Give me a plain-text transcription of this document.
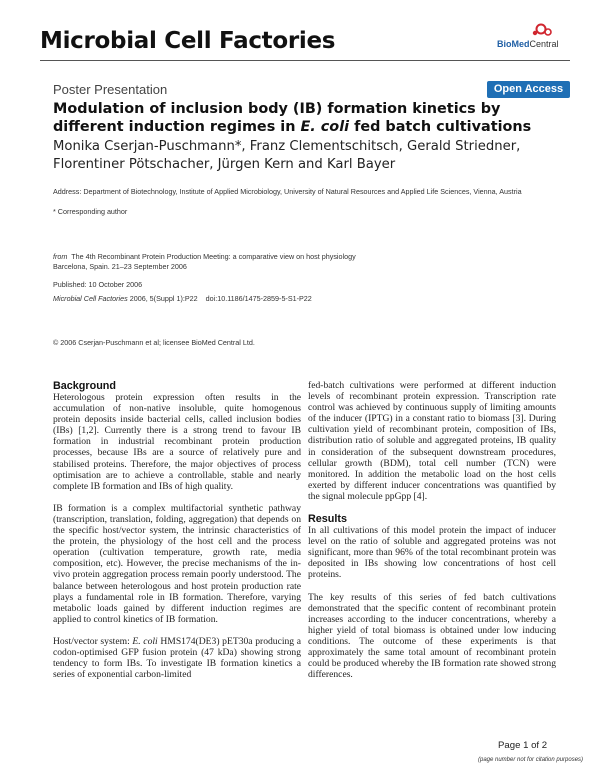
Microbial Cell Factories	BioMedCentral
Poster Presentation	Open Access
Modulation of inclusion body (IB) formation kinetics by different induction regimes in E. coli fed batch cultivations
Monika Cserjan-Puschmann*, Franz Clementschitsch, Gerald Striedner, Florentiner Pötschacher, Jürgen Kern and Karl Bayer
Address: Department of Biotechnology, Institute of Applied Microbiology, University of Natural Resources and Applied Life Sciences, Vienna, Austria
* Corresponding author
from The 4th Recombinant Protein Production Meeting: a comparative view on host physiology
Barcelona, Spain. 21–23 September 2006
Published: 10 October 2006
Microbial Cell Factories 2006, 5(Suppl 1):P22 doi:10.1186/1475-2859-5-S1-P22
© 2006 Cserjan-Puschmann et al; licensee BioMed Central Ltd.
Background

Heterologous protein expression often results in the accumulation of non-native insoluble, quite homogenous protein deposits inside bacterial cells, called inclusion bodies (IBs) [1,2]. Currently there is a strong trend to favour IB formation in industrial recombinant protein production processes, because IBs are a source of relatively pure and stabilised proteins. Therefore, the major objectives of process optimisation are to achieve a controllable, stable and nearly complete IB formation and IBs of high quality.

IB formation is a complex multifactorial synthetic pathway (transcription, translation, folding, aggregation) that depends on the specific host/vector system, the intrinsic characteristics of the protein, the physiology of the host cell and the process operation (cultivation temperature, growth rate, media composition, etc). However, the precise mechanisms of the in-vivo protein aggregation process remain poorly understood. The balance between heterologous and host protein production rate plays a fundamental role in IB formation. Therefore, varying metabolic loads gained by different induction regimes are applied to control kinetics of IB formation.

Host/vector system: E. coli HMS174(DE3) pET30a producing a codon-optimised GFP fusion protein (47 kDa) showing strong tendency to form IBs. To investigate IB formation kinetics a series of exponential carbon-limited

fed-batch cultivations were performed at different induction levels of recombinant protein expression. Transcription rate control was achieved by continuous supply of limiting amounts of the inducer (IPTG) in a constant ratio to biomass [3]. During cultivation yield of recombinant protein, composition of IBs, distribution ratio of soluble and aggregated proteins, IB quality in consideration of the subsequent downstream procedures, cellular growth (BDM), total cell number (TCN) were monitored. In addition the metabolic load on the host cells exerted by different inducer concentrations was quantified by the signal molecule ppGpp [4].

Results

In all cultivations of this model protein the impact of inducer level on the ratio of soluble and aggregated proteins was not significant, more than 96% of the total recombinant protein was deposited in IBs showing low concentrations of host cell proteins.

The key results of this series of fed batch cultivations demonstrated that the specific content of recombinant protein increases according to the inducer concentrations, whereby a higher yield of total biomass is obtained under low inducing conditions. The outcome of these experiments is that approximately the same total amount of recombinant protein could be produced whereby the IB formation rate showed strong differences.

Page 1 of 2
(page number not for citation purposes)
